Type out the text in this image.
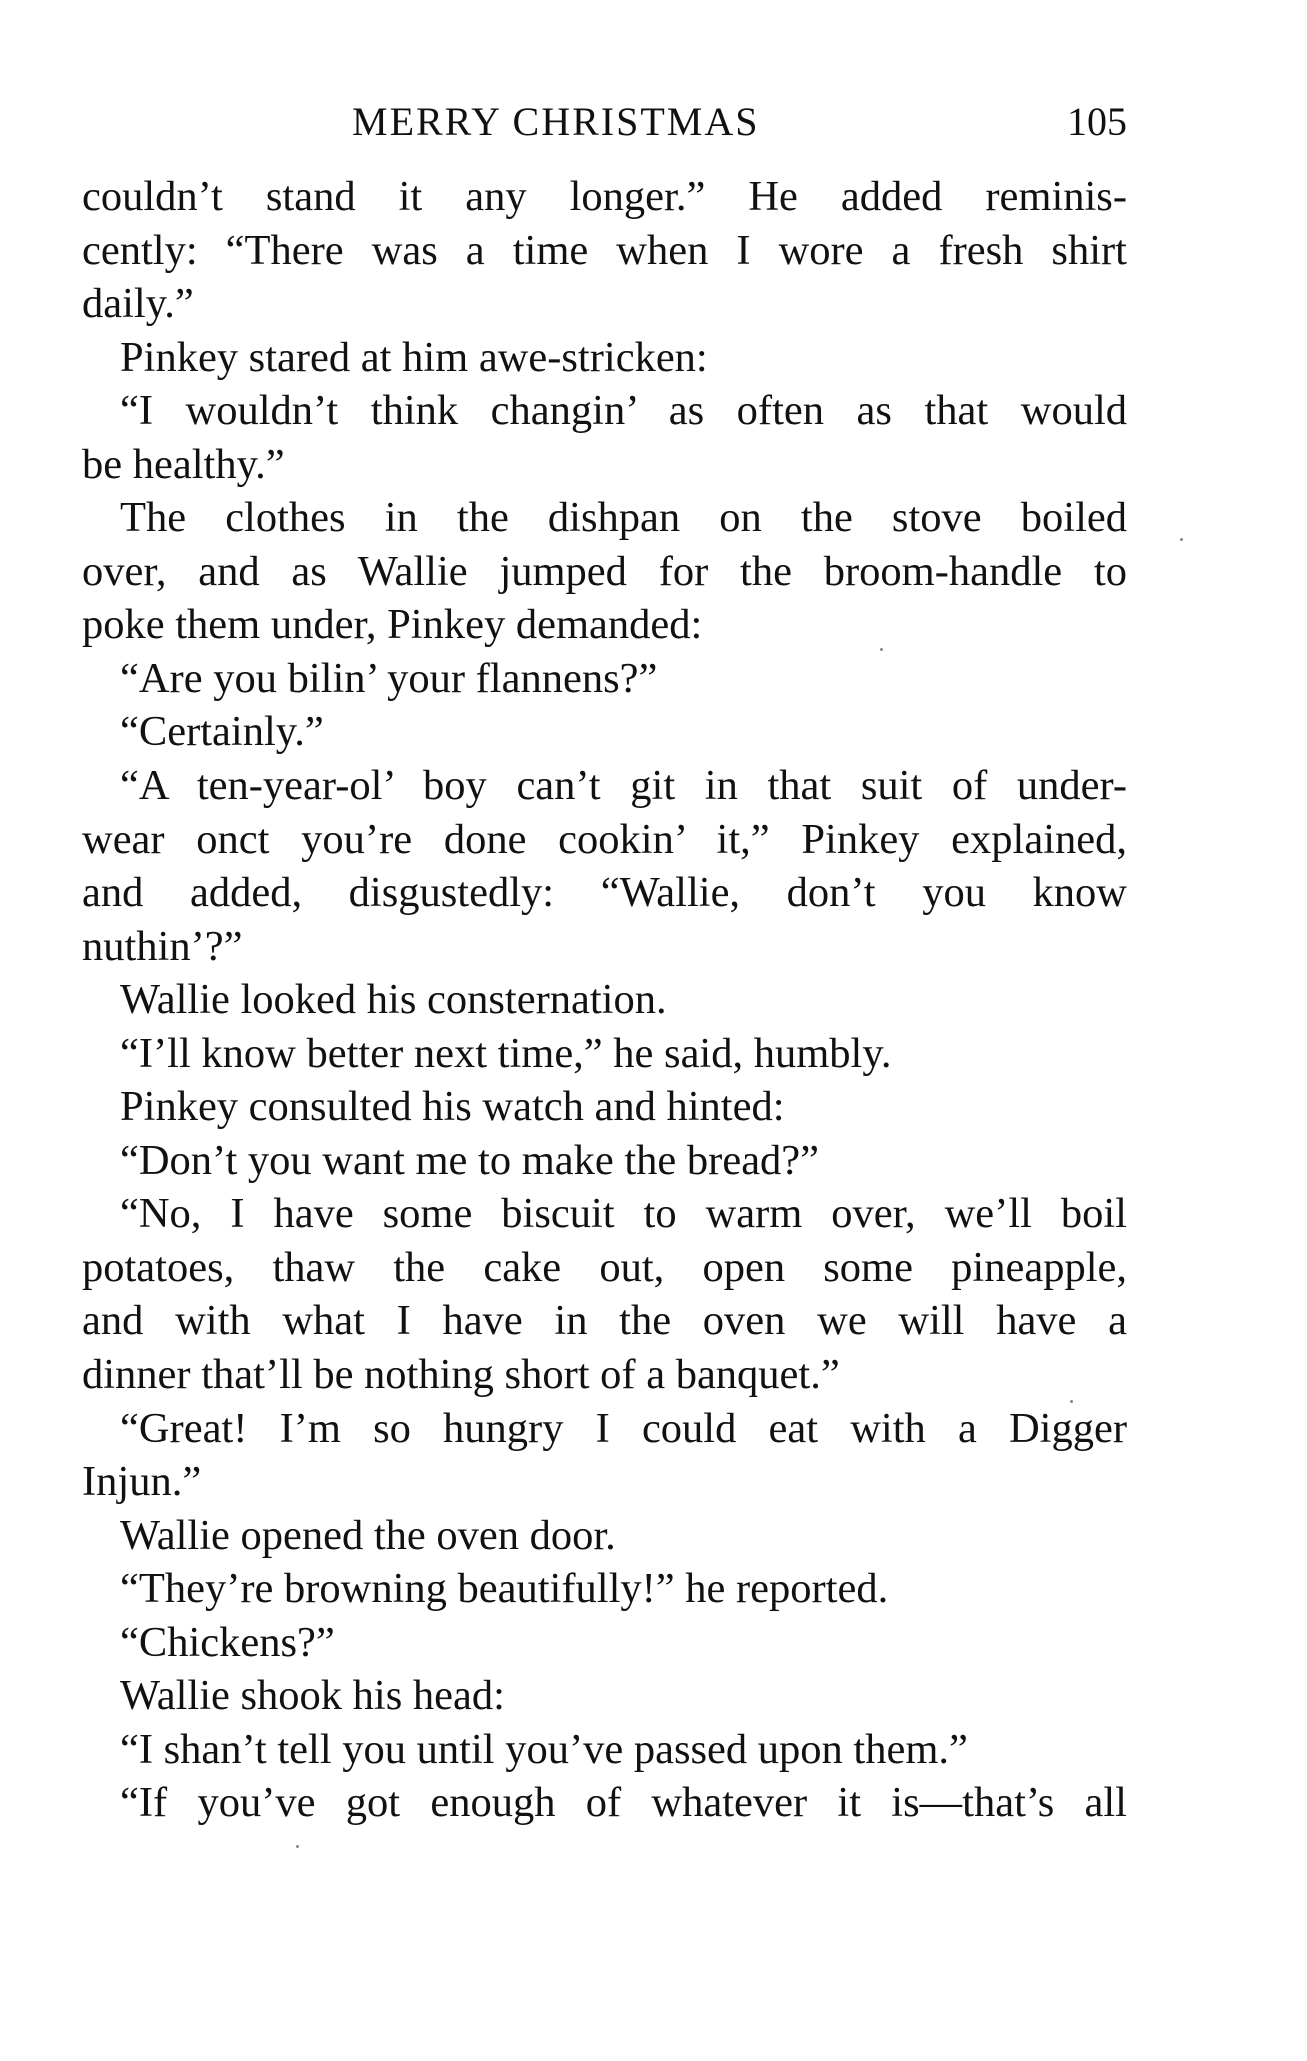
MERRY CHRISTMAS	105
couldn’t stand it any longer.” He added reminis-
cently: “There was a time when I wore a fresh shirt
daily.”
Pinkey stared at him awe-stricken:
“I wouldn’t think changin’ as often as that would
be healthy.”
The clothes in the dishpan on the stove boiled
over, and as Wallie jumped for the broom-handle to
poke them under, Pinkey demanded:
“Are you bilin’ your flannens?”
“Certainly.”
“A ten-year-ol’ boy can’t git in that suit of under-
wear onct you’re done cookin’ it,” Pinkey explained,
and added, disgustedly: “Wallie, don’t you know
nuthin’?”
Wallie looked his consternation.
“I’ll know better next time,” he said, humbly.
Pinkey consulted his watch and hinted:
“Don’t you want me to make the bread?”
“No, I have some biscuit to warm over, we’ll boil
potatoes, thaw the cake out, open some pineapple,
and with what I have in the oven we will have a
dinner that’ll be nothing short of a banquet.”
“Great! I’m so hungry I could eat with a Digger
Injun.”
Wallie opened the oven door.
“They’re browning beautifully!” he reported.
“Chickens?”
Wallie shook his head:
“I shan’t tell you until you’ve passed upon them.”
“If you’ve got enough of whatever it is—that’s all
